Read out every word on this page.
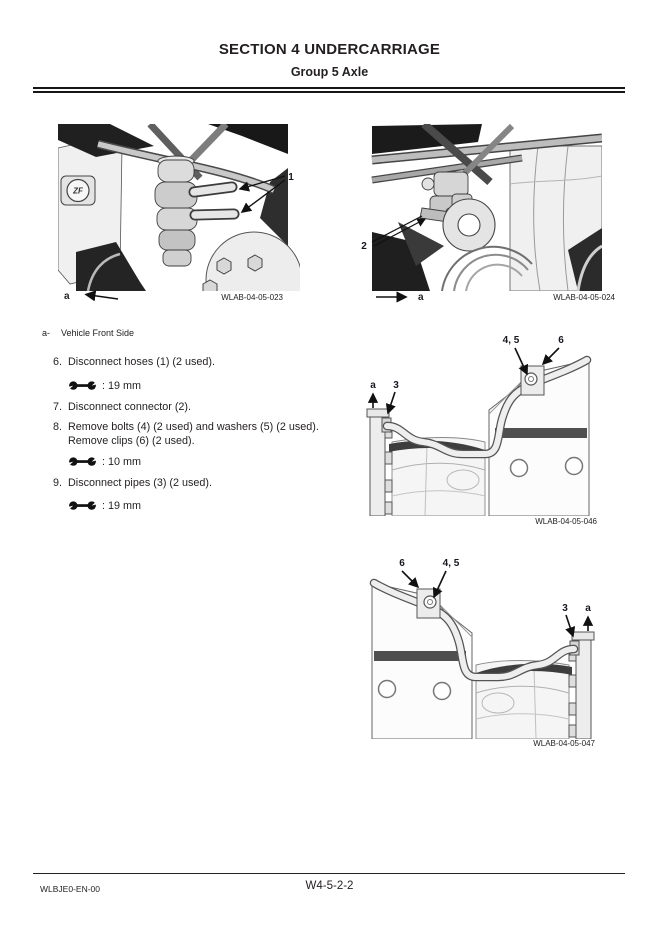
SECTION 4 UNDERCARRIAGE
Group 5 Axle
ZF
1
a	WLAB-04-05-023
2
a	WLAB-04-05-024
a- Vehicle Front Side
6. Disconnect hoses (1) (2 used).
: 19 mm
7. Disconnect connector (2).
8. Remove bolts (4) (2 used) and washers (5) (2 used).
Remove clips (6) (2 used).
: 10 mm
9. Disconnect pipes (3) (2 used).
: 19 mm
4, 5	6
a 3
WLAB-04-05-046
6	4, 5
3 a
WLAB-04-05-047
WLBJE0-EN-00	W4-5-2-2
